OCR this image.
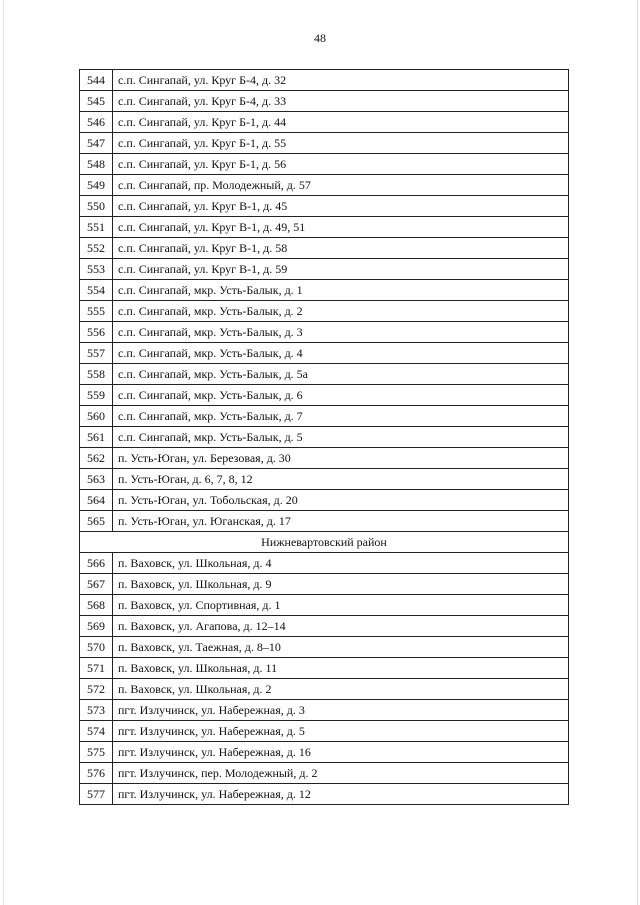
48
544	с.п. Сингапай, ул. Круг Б-4, д. 32
545	с.п. Сингапай, ул. Круг Б-4, д. 33
546	с.п. Сингапай, ул. Круг Б-1, д. 44
547	с.п. Сингапай, ул. Круг Б-1, д. 55
548	с.п. Сингапай, ул. Круг Б-1, д. 56
549	с.п. Сингапай, пр. Молодежный, д. 57
550	с.п. Сингапай, ул. Круг В-1, д. 45
551	с.п. Сингапай, ул. Круг В-1, д. 49, 51
552	с.п. Сингапай, ул. Круг В-1, д. 58
553	с.п. Сингапай, ул. Круг В-1, д. 59
554	с.п. Сингапай, мкр. Усть-Балык, д. 1
555	с.п. Сингапай, мкр. Усть-Балык, д. 2
556	с.п. Сингапай, мкр. Усть-Балык, д. 3
557	с.п. Сингапай, мкр. Усть-Балык, д. 4
558	с.п. Сингапай, мкр. Усть-Балык, д. 5а
559	с.п. Сингапай, мкр. Усть-Балык, д. 6
560	с.п. Сингапай, мкр. Усть-Балык, д. 7
561	с.п. Сингапай, мкр. Усть-Балык, д. 5
562	п. Усть-Юган, ул. Березовая, д. 30
563	п. Усть-Юган, д. 6, 7, 8, 12
564	п. Усть-Юган, ул. Тобольская, д. 20
565	п. Усть-Юган, ул. Юганская, д. 17
Нижневартовский район	
566	п. Ваховск, ул. Школьная, д. 4
567	п. Ваховск, ул. Школьная, д. 9
568	п. Ваховск, ул. Спортивная, д. 1
569	п. Ваховск, ул. Агапова, д. 12–14
570	п. Ваховск, ул. Таежная, д. 8–10
571	п. Ваховск, ул. Школьная, д. 11
572	п. Ваховск, ул. Школьная, д. 2
573	пгт. Излучинск, ул. Набережная, д. 3
574	пгт. Излучинск, ул. Набережная, д. 5
575	пгт. Излучинск, ул. Набережная, д. 16
576	пгт. Излучинск, пер. Молодежный, д. 2
577	пгт. Излучинск, ул. Набережная, д. 12
